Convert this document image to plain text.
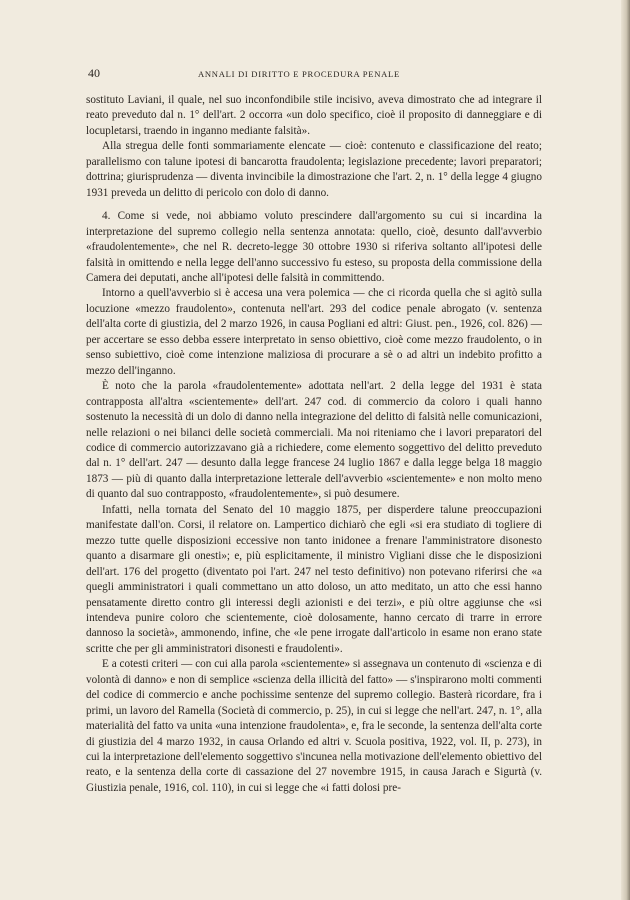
40	ANNALI DI DIRITTO E PROCEDURA PENALE

sostituto Laviani, il quale, nel suo inconfondibile stile incisivo, aveva dimostrato che ad integrare il reato preveduto dal n. 1° dell'art. 2 occorra «un dolo specifico, cioè il proposito di danneggiare e di locupletarsi, traendo in inganno mediante falsità».

Alla stregua delle fonti sommariamente elencate — cioè: contenuto e classificazione del reato; parallelismo con talune ipotesi di bancarotta fraudolenta; legislazione precedente; lavori preparatori; dottrina; giurisprudenza — diventa invincibile la dimostrazione che l'art. 2, n. 1° della legge 4 giugno 1931 preveda un delitto di pericolo con dolo di danno.

4. Come si vede, noi abbiamo voluto prescindere dall'argomento su cui si incardina la interpretazione del supremo collegio nella sentenza annotata: quello, cioè, desunto dall'avverbio «fraudolentemente», che nel R. decreto-legge 30 ottobre 1930 si riferiva soltanto all'ipotesi delle falsità in omittendo e nella legge dell'anno successivo fu esteso, su proposta della commissione della Camera dei deputati, anche all'ipotesi delle falsità in committendo.

Intorno a quell'avverbio si è accesa una vera polemica — che ci ricorda quella che si agitò sulla locuzione «mezzo fraudolento», contenuta nell'art. 293 del codice penale abrogato (v. sentenza dell'alta corte di giustizia, del 2 marzo 1926, in causa Pogliani ed altri: Giust. pen., 1926, col. 826) — per accertare se esso debba essere interpretato in senso obiettivo, cioè come mezzo fraudolento, o in senso subiettivo, cioè come intenzione maliziosa di procurare a sè o ad altri un indebito profitto a mezzo dell'inganno.

È noto che la parola «fraudolentemente» adottata nell'art. 2 della legge del 1931 è stata contrapposta all'altra «scientemente» dell'art. 247 cod. di commercio da coloro i quali hanno sostenuto la necessità di un dolo di danno nella integrazione del delitto di falsità nelle comunicazioni, nelle relazioni o nei bilanci delle società commerciali. Ma noi riteniamo che i lavori preparatori del codice di commercio autorizzavano già a richiedere, come elemento soggettivo del delitto preveduto dal n. 1° dell'art. 247 — desunto dalla legge francese 24 luglio 1867 e dalla legge belga 18 maggio 1873 — più di quanto dalla interpretazione letterale dell'avverbio «scientemente» e non molto meno di quanto dal suo contrapposto, «fraudolentemente», si può desumere.

Infatti, nella tornata del Senato del 10 maggio 1875, per disperdere talune preoccupazioni manifestate dall'on. Corsi, il relatore on. Lampertico dichiarò che egli «si era studiato di togliere di mezzo tutte quelle disposizioni eccessive non tanto inidonee a frenare l'amministratore disonesto quanto a disarmare gli onesti»; e, più esplicitamente, il ministro Vigliani disse che le disposizioni dell'art. 176 del progetto (diventato poi l'art. 247 nel testo definitivo) non potevano riferirsi che «a quegli amministratori i quali commettano un atto doloso, un atto meditato, un atto che essi hanno pensatamente diretto contro gli interessi degli azionisti e dei terzi», e più oltre aggiunse che «si intendeva punire coloro che scientemente, cioè dolosamente, hanno cercato di trarre in errore dannoso la società», ammonendo, infine, che «le pene irrogate dall'articolo in esame non erano state scritte che per gli amministratori disonesti e fraudolenti».

E a cotesti criteri — con cui alla parola «scientemente» si assegnava un contenuto di «scienza e di volontà di danno» e non di semplice «scienza della illicità del fatto» — s'inspirarono molti commenti del codice di commercio e anche pochissime sentenze del supremo collegio. Basterà ricordare, fra i primi, un lavoro del Ramella (Società di commercio, p. 25), in cui si legge che nell'art. 247, n. 1°, alla materialità del fatto va unita «una intenzione fraudolenta», e, fra le seconde, la sentenza dell'alta corte di giustizia del 4 marzo 1932, in causa Orlando ed altri v. Scuola positiva, 1922, vol. II, p. 273), in cui la interpretazione dell'elemento soggettivo s'incunea nella motivazione dell'elemento obiettivo del reato, e la sentenza della corte di cassazione del 27 novembre 1915, in causa Jarach e Sigurtà (v. Giustizia penale, 1916, col. 110), in cui si legge che «i fatti dolosi pre-
